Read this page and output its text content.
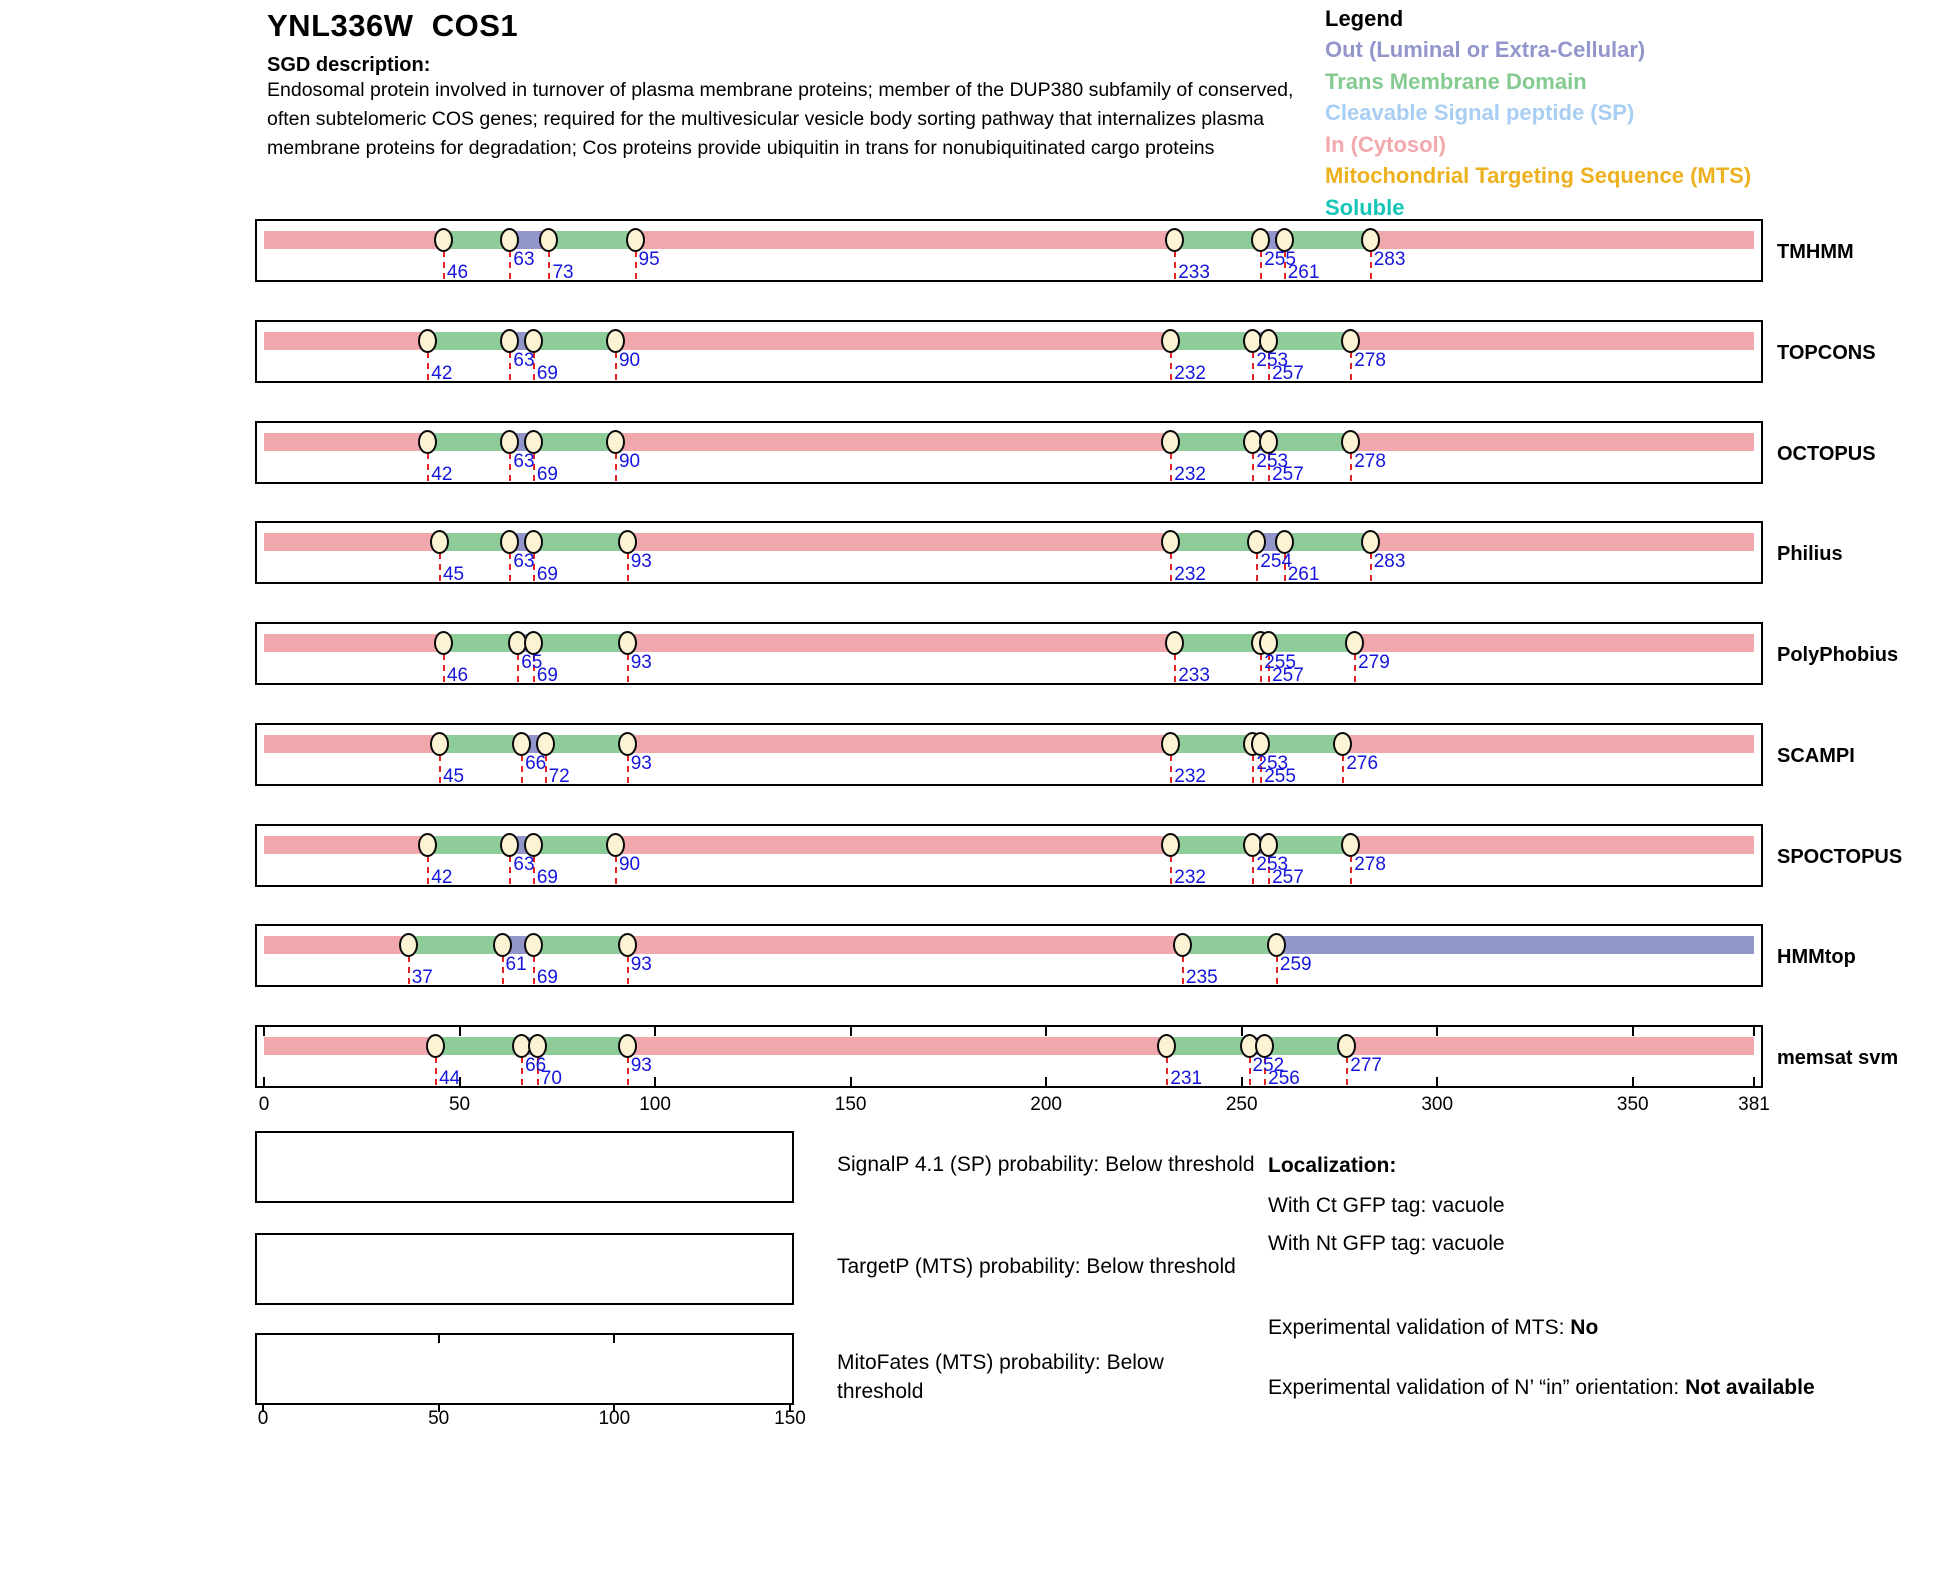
YNL336W  COS1
SGD description:
Endosomal protein involved in turnover of plasma membrane proteins; member of the DUP380 subfamily of conserved, often subtelomeric COS genes; required for the multivesicular vesicle body sorting pathway that internalizes plasma membrane proteins for degradation; Cos proteins provide ubiquitin in trans for nonubiquitinated cargo proteins
Legend
Out (Luminal or Extra-Cellular)
Trans Membrane Domain
Cleavable Signal peptide (SP)
In (Cytosol)
Mitochondrial Targeting Sequence (MTS)
Soluble
46
63
73
95
233
255
261
283	TMHMM
42
63
69
90
232
253
257
278	TOPCONS
42
63
69
90
232
253
257
278	OCTOPUS
45
63
69
93
232
254
261
283	Philius
46
65
69
93
233
255
257
279	PolyPhobius
45
66
72
93
232
253
255
276	SCAMPI
42
63
69
90
232
253
257
278	SPOCTOPUS
37
61
69
93
235
259	HMMtop
44
66
70
93
231
252
256
277	memsat svm
0	50	100	150	200	250	300	350	381
SignalP 4.1 (SP) probability: Below threshold
TargetP (MTS) probability: Below threshold
0	50	100	150
MitoFates (MTS) probability: Below threshold
Localization:
With Ct GFP tag: vacuole
With Nt GFP tag: vacuole
Experimental validation of MTS: No
Experimental validation of N’ “in” orientation: Not available
